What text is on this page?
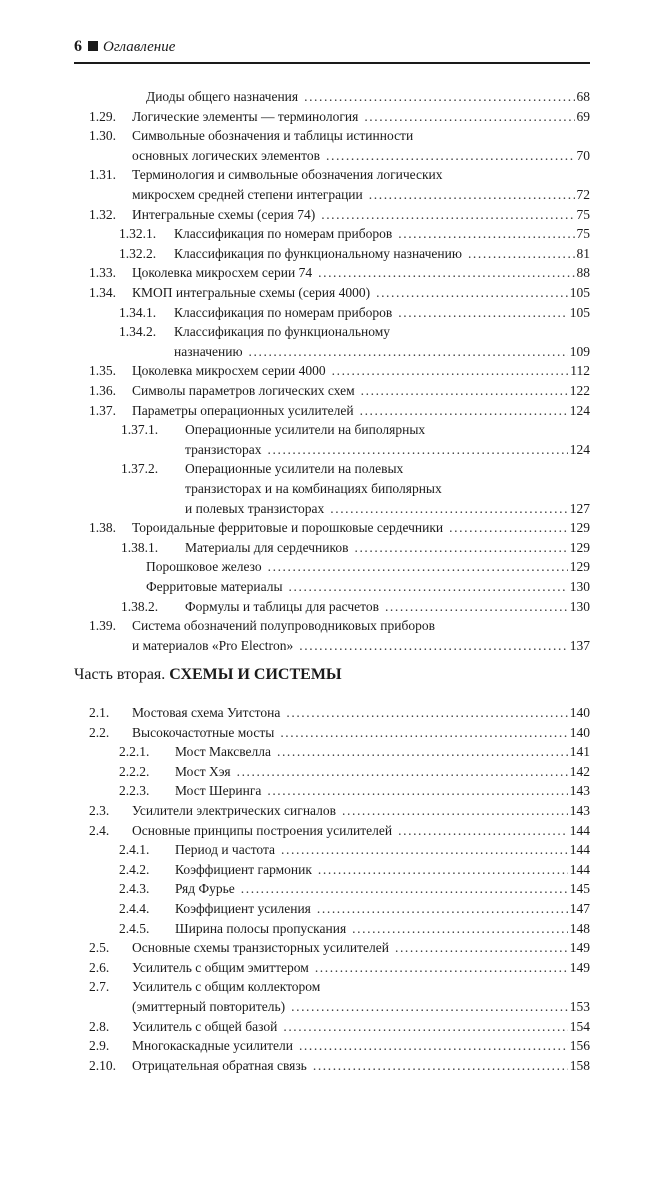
6 Оглавление
Диоды общего назначения .....	68
1.29. Логические элементы — терминология .....	69
1.30. Символьные обозначения и таблицы истинности
основных логических элементов .....	70
1.31. Терминология и символьные обозначения логических
микросхем средней степени интеграции .....	72
1.32. Интегральные схемы (серия 74) .....	75
1.32.1. Классификация по номерам приборов .....	75
1.32.2. Классификация по функциональному назначению .....	81
1.33. Цоколевка микросхем серии 74 .....	88
1.34. КМОП интегральные схемы (серия 4000) .....	105
1.34.1. Классификация по номерам приборов .....	105
1.34.2. Классификация по функциональному
назначению .....	109
1.35. Цоколевка микросхем серии 4000 .....	112
1.36. Символы параметров логических схем .....	122
1.37. Параметры операционных усилителей .....	124
1.37.1. Операционные усилители на биполярных
транзисторах .....	124
1.37.2. Операционные усилители на полевых
транзисторах и на комбинациях биполярных
и полевых транзисторах .....	127
1.38. Тороидальные ферритовые и порошковые сердечники .....	129
1.38.1. Материалы для сердечников .....	129
Порошковое железо .....	129
Ферритовые материалы .....	130
1.38.2. Формулы и таблицы для расчетов .....	130
1.39. Система обозначений полупроводниковых приборов
и материалов «Pro Electron» .....	137
Часть вторая. СХЕМЫ И СИСТЕМЫ
2.1. Мостовая схема Уитстона .....	140
2.2. Высокочастотные мосты .....	140
2.2.1. Мост Максвелла .....	141
2.2.2. Мост Хэя .....	142
2.2.3. Мост Шеринга .....	143
2.3. Усилители электрических сигналов .....	143
2.4. Основные принципы построения усилителей .....	144
2.4.1. Период и частота .....	144
2.4.2. Коэффициент гармоник .....	144
2.4.3. Ряд Фурье .....	145
2.4.4. Коэффициент усиления .....	147
2.4.5. Ширина полосы пропускания .....	148
2.5. Основные схемы транзисторных усилителей .....	149
2.6. Усилитель с общим эмиттером .....	149
2.7. Усилитель с общим коллектором
(эмиттерный повторитель) .....	153
2.8. Усилитель с общей базой .....	154
2.9. Многокаскадные усилители .....	156
2.10. Отрицательная обратная связь .....	158
